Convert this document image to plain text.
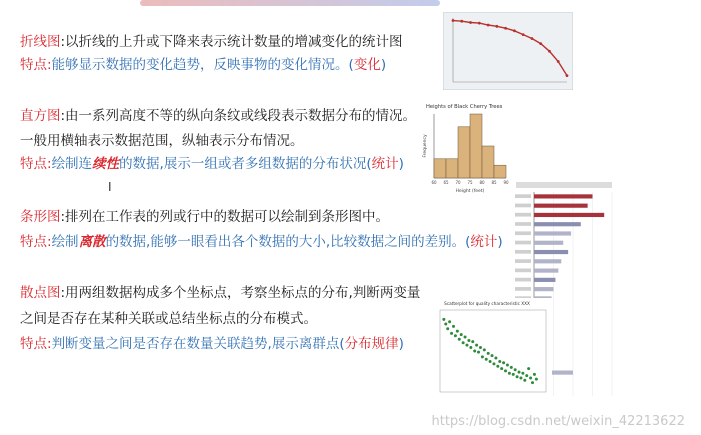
折线图:以折线的上升或下降来表示统计数量的增减变化的统计图
特点:能够显示数据的变化趋势，反映事物的变化情况。(变化)
直方图:由一系列高度不等的纵向条纹或线段表示数据分布的情况。
一般用横轴表示数据范围，纵轴表示分布情况。
特点:绘制连续性的数据,展示一组或者多组数据的分布状况(统计)
I
条形图:排列在工作表的列或行中的数据可以绘制到条形图中。
特点:绘制离散的数据,能够一眼看出各个数据的大小,比较数据之间的差别。(统计)
散点图:用两组数据构成多个坐标点，考察坐标点的分布,判断两变量
之间是否存在某种关联或总结坐标点的分布模式。
特点:判断变量之间是否存在数量关联趋势,展示离群点(分布规律)
Heights of Black Cherry Trees
60 65 70 75 80 85 90
Height (feet)
Frequency
Scatterplot for quality characteristic XXX
https://blog.csdn.net/weixin_42213622
